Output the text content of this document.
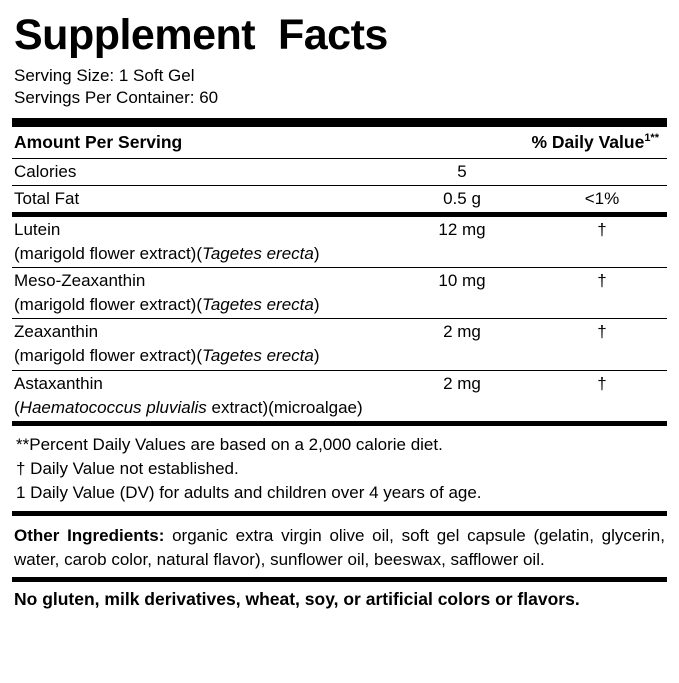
Supplement  Facts
Serving Size: 1 Soft Gel
Servings Per Container: 60
Amount Per Serving	% Daily Value$^{1**}$
Calories	5	
Total Fat	0.5 g	<1%
Lutein	12 mg	†
(marigold flower extract)(Tagetes erecta)		
Meso-Zeaxanthin	10 mg	†
(marigold flower extract)(Tagetes erecta)		
Zeaxanthin	2 mg	†
(marigold flower extract)(Tagetes erecta)		
Astaxanthin	2 mg	†
(Haematococcus pluvialis extract)(microalgae)		
**Percent Daily Values are based on a 2,000 calorie diet.
† Daily Value not established.
1 Daily Value (DV) for adults and children over 4 years of age.
Other Ingredients: organic extra virgin olive oil, soft gel capsule (gelatin, glycerin, water, carob color, natural flavor), sunflower oil, beeswax, safflower oil.
No gluten, milk derivatives, wheat, soy, or artificial colors or flavors.
